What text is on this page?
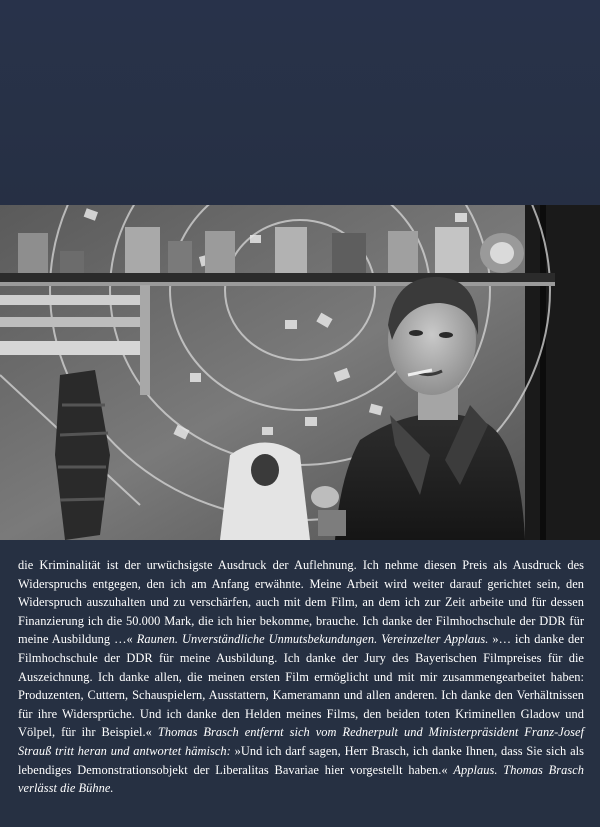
die Kriminalität ist der urwüchsigste Ausdruck der Auflehnung. Ich nehme diesen Preis als Ausdruck des Widerspruchs entgegen, den ich am Anfang erwähnte. Meine Arbeit wird weiter darauf gerichtet sein, den Widerspruch auszuhalten und zu verschärfen, auch mit dem Film, an dem ich zur Zeit arbeite und für dessen Finanzierung ich die 50.000 Mark, die ich hier bekomme, brauche. Ich danke der Filmhochschule der DDR für meine Ausbildung …« Raunen. Unverständliche Unmutsbekundungen. Vereinzelter Applaus. »… ich danke der Filmhochschule der DDR für meine Ausbildung. Ich danke der Jury des Bayerischen Filmpreises für die Auszeichnung. Ich danke allen, die meinen ersten Film ermöglicht und mit mir zusammengearbeitet haben: Produzenten, Cuttern, Schauspielern, Ausstattern, Kameramann und allen anderen. Ich danke den Verhältnissen für ihre Widersprüche. Und ich danke den Helden meines Films, den beiden toten Kriminellen Gladow und Völpel, für ihr Beispiel.« Thomas Brasch entfernt sich vom Rednerpult und Ministerpräsident Franz-Josef Strauß tritt heran und antwortet hämisch: »Und ich darf sagen, Herr Brasch, ich danke Ihnen, dass Sie sich als lebendiges Demonstrationsobjekt der Liberalitas Bavariae hier vorgestellt haben.« Applaus. Thomas Brasch verlässt die Bühne.
